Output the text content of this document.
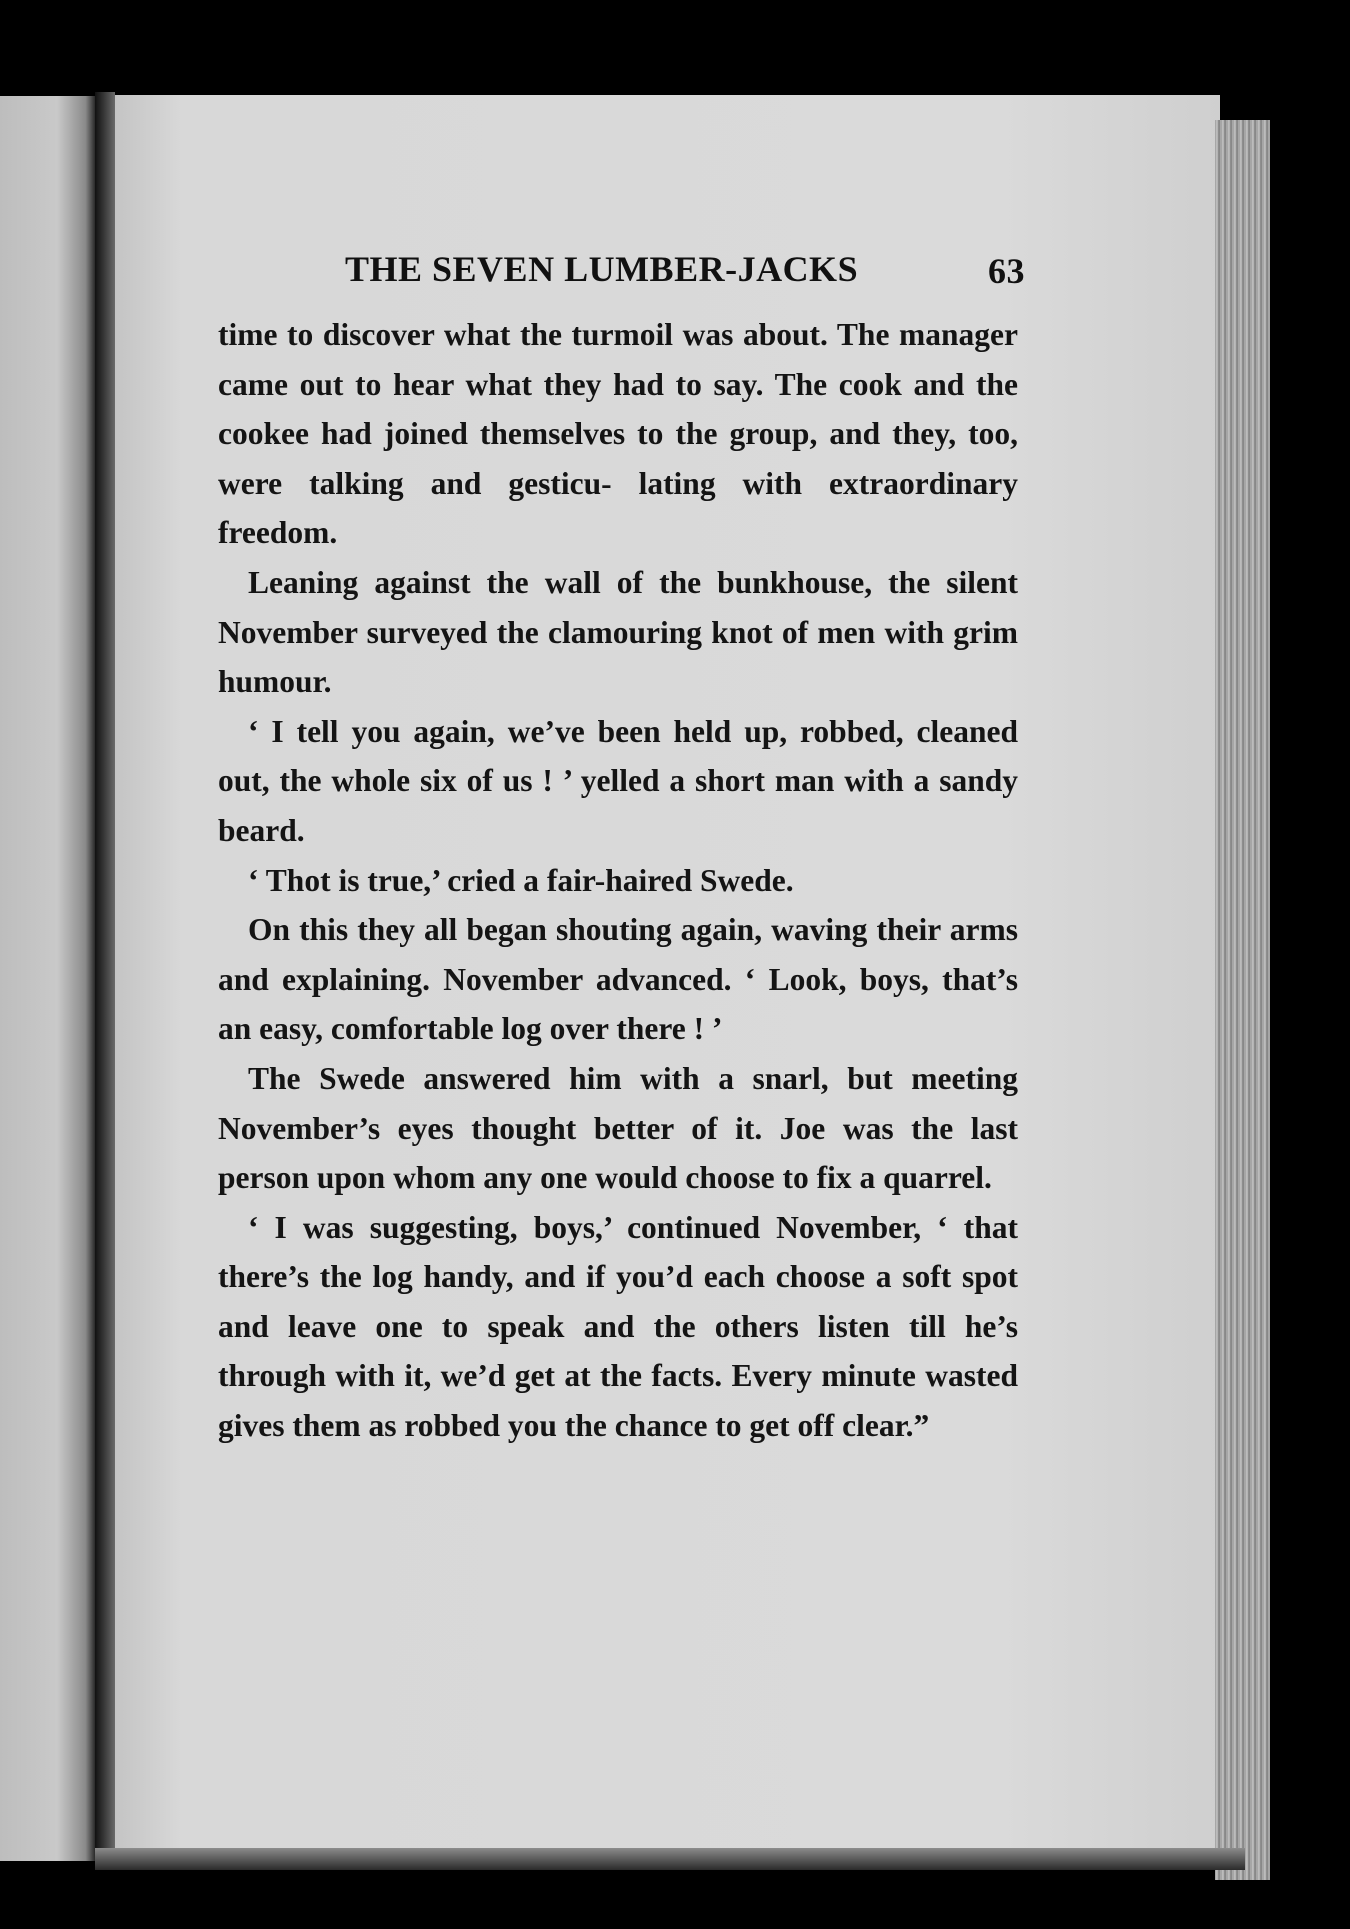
THE SEVEN LUMBER-JACKS	63

time to discover what the turmoil was about. The manager came out to hear what they had to say. The cook and the cookee had joined themselves to the group, and they, too, were talking and gesticu- lating with extraordinary freedom.

Leaning against the wall of the bunkhouse, the silent November surveyed the clamouring knot of men with grim humour.

‘ I tell you again, we’ve been held up, robbed, cleaned out, the whole six of us ! ’ yelled a short man with a sandy beard.

‘ Thot is true,’ cried a fair-haired Swede.

On this they all began shouting again, waving their arms and explaining. November advanced. ‘ Look, boys, that’s an easy, comfortable log over there ! ’

The Swede answered him with a snarl, but meeting November’s eyes thought better of it. Joe was the last person upon whom any one would choose to fix a quarrel.

‘ I was suggesting, boys,’ continued November, ‘ that there’s the log handy, and if you’d each choose a soft spot and leave one to speak and the others listen till he’s through with it, we’d get at the facts. Every minute wasted gives them as robbed you the chance to get off clear.”
